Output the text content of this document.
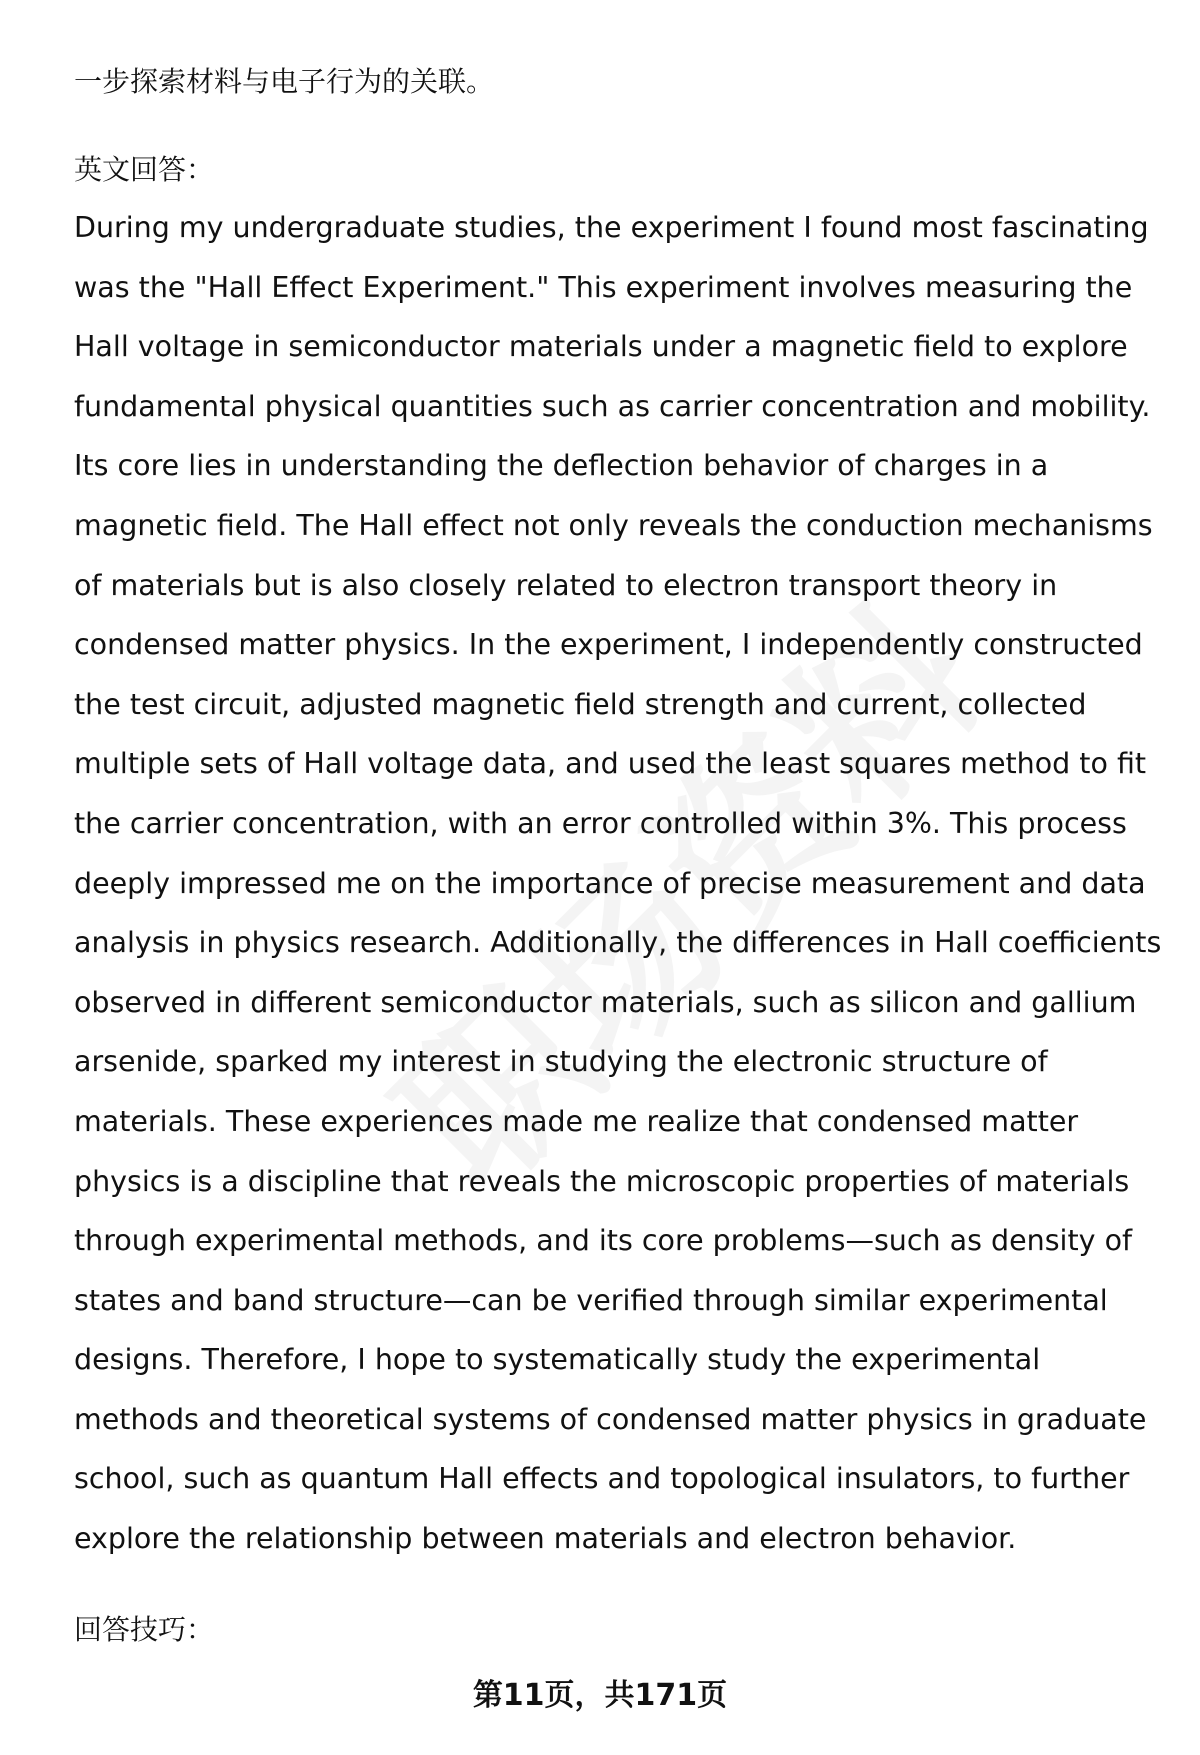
一步探索材料与电子行为的关联。
英文回答：
During my undergraduate studies, the experiment I found most fascinating
was the "Hall Effect Experiment." This experiment involves measuring the
Hall voltage in semiconductor materials under a magnetic field to explore
fundamental physical quantities such as carrier concentration and mobility.
Its core lies in understanding the deflection behavior of charges in a
magnetic field. The Hall effect not only reveals the conduction mechanisms
of materials but is also closely related to electron transport theory in
condensed matter physics. In the experiment, I independently constructed
the test circuit, adjusted magnetic field strength and current, collected
multiple sets of Hall voltage data, and used the least squares method to fit
the carrier concentration, with an error controlled within 3%. This process
deeply impressed me on the importance of precise measurement and data
analysis in physics research. Additionally, the differences in Hall coefficients
observed in different semiconductor materials, such as silicon and gallium
arsenide, sparked my interest in studying the electronic structure of
materials. These experiences made me realize that condensed matter
physics is a discipline that reveals the microscopic properties of materials
through experimental methods, and its core problems—such as density of
states and band structure—can be verified through similar experimental
designs. Therefore, I hope to systematically study the experimental
methods and theoretical systems of condensed matter physics in graduate
school, such as quantum Hall effects and topological insulators, to further
explore the relationship between materials and electron behavior.
回答技巧：
第11页，共171页
